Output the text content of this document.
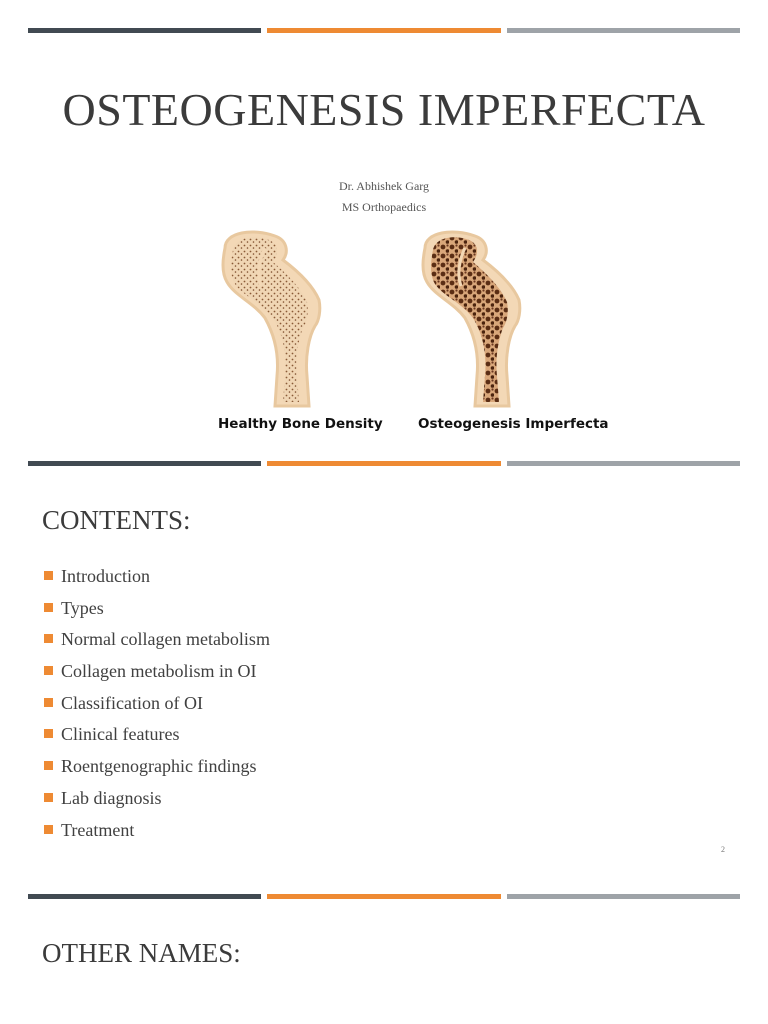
OSTEOGENESIS IMPERFECTA
Dr. Abhishek Garg
MS Orthopaedics
Healthy Bone Density	Osteogenesis Imperfecta
CONTENTS:
Introduction
Types
Normal collagen metabolism
Collagen metabolism in OI
Classification of OI
Clinical features
Roentgenographic findings
Lab diagnosis
Treatment
2
OTHER NAMES:
